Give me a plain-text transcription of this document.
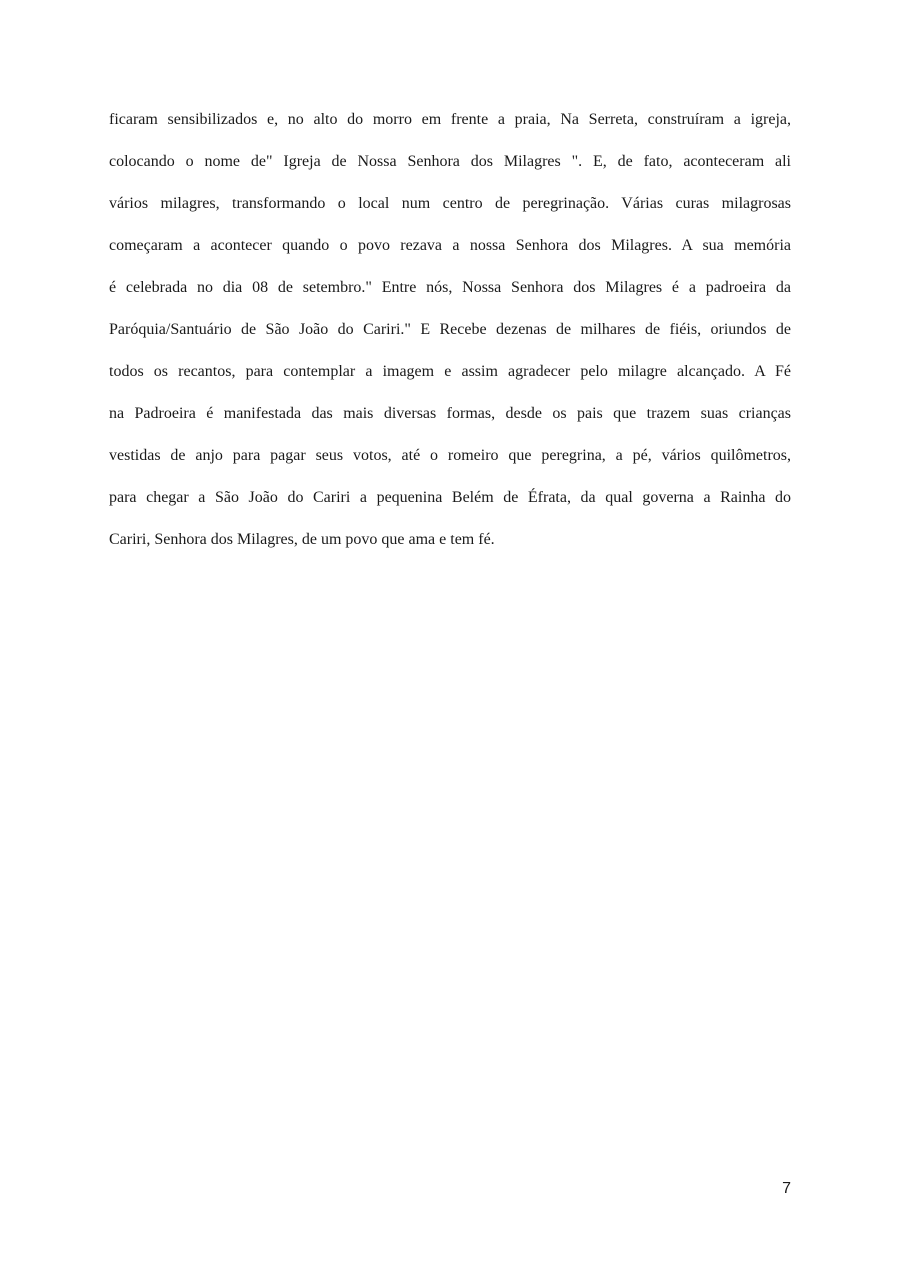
ficaram sensibilizados e, no alto do morro em frente a praia, Na Serreta, construíram a igreja,
colocando o nome de" Igreja de Nossa Senhora dos Milagres ". E, de fato, aconteceram ali
vários milagres, transformando o local num centro de peregrinação. Várias curas milagrosas
começaram a acontecer quando o povo rezava a nossa Senhora dos Milagres. A sua memória
é celebrada no dia 08 de setembro." Entre nós, Nossa Senhora dos Milagres é a padroeira da
Paróquia/Santuário de São João do Cariri." E Recebe dezenas de milhares de fiéis, oriundos de
todos os recantos, para contemplar a imagem e assim agradecer pelo milagre alcançado. A Fé
na Padroeira é manifestada das mais diversas formas, desde os pais que trazem suas crianças
vestidas de anjo para pagar seus votos, até o romeiro que peregrina, a pé, vários quilômetros,
para chegar a São João do Cariri a pequenina Belém de Éfrata, da qual governa a Rainha do
Cariri, Senhora dos Milagres, de um povo que ama e tem fé.

7
